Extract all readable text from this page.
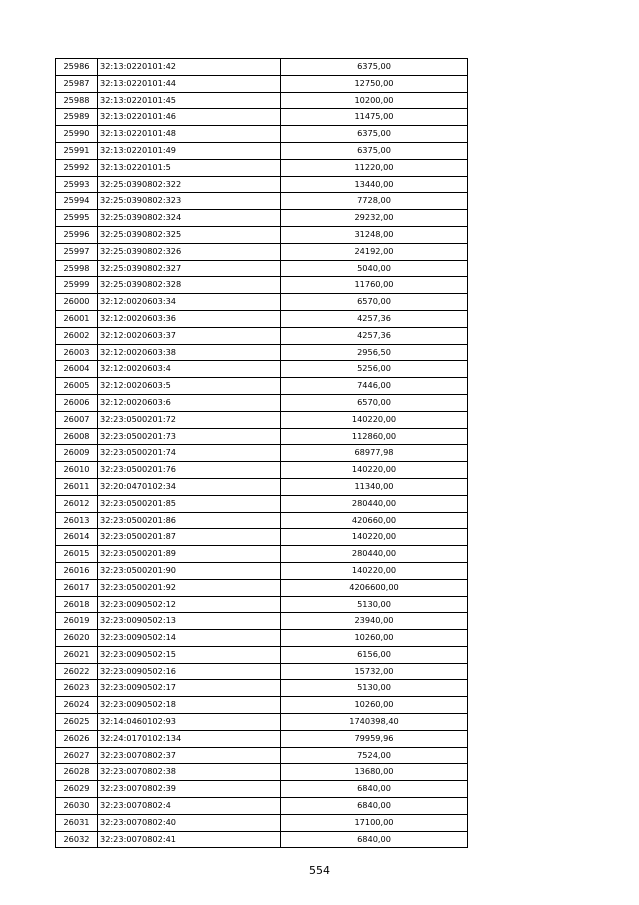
25986	32:13:0220101:42	6375,00
25987	32:13:0220101:44	12750,00
25988	32:13:0220101:45	10200,00
25989	32:13:0220101:46	11475,00
25990	32:13:0220101:48	6375,00
25991	32:13:0220101:49	6375,00
25992	32:13:0220101:5	11220,00
25993	32:25:0390802:322	13440,00
25994	32:25:0390802:323	7728,00
25995	32:25:0390802:324	29232,00
25996	32:25:0390802:325	31248,00
25997	32:25:0390802:326	24192,00
25998	32:25:0390802:327	5040,00
25999	32:25:0390802:328	11760,00
26000	32:12:0020603:34	6570,00
26001	32:12:0020603:36	4257,36
26002	32:12:0020603:37	4257,36
26003	32:12:0020603:38	2956,50
26004	32:12:0020603:4	5256,00
26005	32:12:0020603:5	7446,00
26006	32:12:0020603:6	6570,00
26007	32:23:0500201:72	140220,00
26008	32:23:0500201:73	112860,00
26009	32:23:0500201:74	68977,98
26010	32:23:0500201:76	140220,00
26011	32:20:0470102:34	11340,00
26012	32:23:0500201:85	280440,00
26013	32:23:0500201:86	420660,00
26014	32:23:0500201:87	140220,00
26015	32:23:0500201:89	280440,00
26016	32:23:0500201:90	140220,00
26017	32:23:0500201:92	4206600,00
26018	32:23:0090502:12	5130,00
26019	32:23:0090502:13	23940,00
26020	32:23:0090502:14	10260,00
26021	32:23:0090502:15	6156,00
26022	32:23:0090502:16	15732,00
26023	32:23:0090502:17	5130,00
26024	32:23:0090502:18	10260,00
26025	32:14:0460102:93	1740398,40
26026	32:24:0170102:134	79959,96
26027	32:23:0070802:37	7524,00
26028	32:23:0070802:38	13680,00
26029	32:23:0070802:39	6840,00
26030	32:23:0070802:4	6840,00
26031	32:23:0070802:40	17100,00
26032	32:23:0070802:41	6840,00
554
